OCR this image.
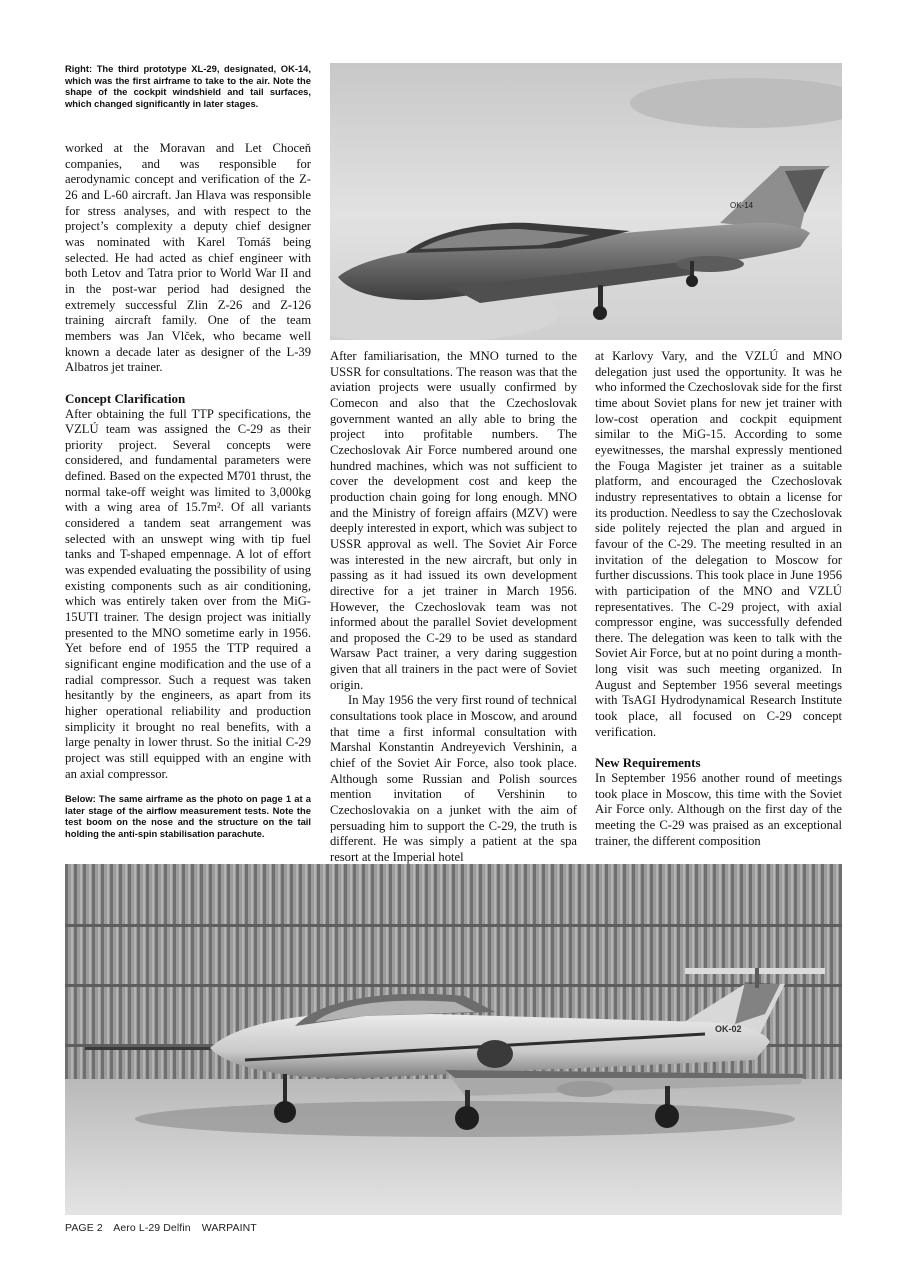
Right: The third prototype XL-29, designated, OK-14, which was the first airframe to take to the air. Note the shape of the cockpit windshield and tail surfaces, which changed significantly in later stages.
OK-14

worked at the Moravan and Let Choceň companies, and was responsible for aerodynamic concept and verification of the Z-26 and L-60 aircraft. Jan Hlava was responsible for stress analyses, and with respect to the project’s complexity a deputy chief designer was nominated with Karel Tomáš being selected. He had acted as chief engineer with both Letov and Tatra prior to World War II and in the post-war period had designed the extremely successful Zlin Z-26 and Z-126 training aircraft family. One of the team members was Jan Vlček, who became well known a decade later as designer of the L-39 Albatros jet trainer.

Concept Clarification

After obtaining the full TTP specifications, the VZLÚ team was assigned the C-29 as their priority project. Several concepts were considered, and fundamental parameters were defined. Based on the expected M701 thrust, the normal take-off weight was limited to 3,000kg with a wing area of 15.7m². Of all variants considered a tandem seat arrangement was selected with an unswept wing with tip fuel tanks and T-shaped empennage. A lot of effort was expended evaluating the possibility of using existing components such as air conditioning, which was entirely taken over from the MiG-15UTI trainer. The design project was initially presented to the MNO sometime early in 1956. Yet before end of 1955 the TTP required a significant engine modification and the use of a radial compressor. Such a request was taken hesitantly by the engineers, as apart from its higher operational reliability and production simplicity it brought no real benefits, with a large penalty in lower thrust. So the initial C-29 project was still equipped with an engine with an axial compressor.

Below: The same airframe as the photo on page 1 at a later stage of the airflow measurement tests. Note the test boom on the nose and the structure on the tail holding the anti-spin stabilisation parachute.

After familiarisation, the MNO turned to the USSR for consultations. The reason was that the aviation projects were usually confirmed by Comecon and also that the Czechoslovak government wanted an ally able to bring the project into profitable numbers. The Czechoslovak Air Force numbered around one hundred machines, which was not sufficient to cover the development cost and keep the production chain going for long enough. MNO and the Ministry of foreign affairs (MZV) were deeply interested in export, which was subject to USSR approval as well. The Soviet Air Force was interested in the new aircraft, but only in passing as it had issued its own development directive for a jet trainer in March 1956. However, the Czechoslovak team was not informed about the parallel Soviet development and proposed the C-29 to be used as standard Warsaw Pact trainer, a very daring suggestion given that all trainers in the pact were of Soviet origin.

In May 1956 the very first round of technical consultations took place in Moscow, and around that time a first informal consultation with Marshal Konstantin Andreyevich Vershinin, a chief of the Soviet Air Force, also took place. Although some Russian and Polish sources mention invitation of Vershinin to Czechoslovakia on a junket with the aim of persuading him to support the C-29, the truth is different. He was simply a patient at the spa resort at the Imperial hotel

at Karlovy Vary, and the VZLÚ and MNO delegation just used the opportunity. It was he who informed the Czechoslovak side for the first time about Soviet plans for new jet trainer with low-cost operation and cockpit equipment similar to the MiG-15. According to some eyewitnesses, the marshal expressly mentioned the Fouga Magister jet trainer as a suitable platform, and encouraged the Czechoslovak industry representatives to obtain a license for its production. Needless to say the Czechoslovak side politely rejected the plan and argued in favour of the C-29. The meeting resulted in an invitation of the delegation to Moscow for further discussions. This took place in June 1956 with participation of the MNO and VZLÚ representatives. The C-29 project, with axial compressor engine, was successfully defended there. The delegation was keen to talk with the Soviet Air Force, but at no point during a month-long visit was such meeting organized. In August and September 1956 several meetings with TsAGI Hydrodynamical Research Institute took place, all focused on C-29 concept verification.

New Requirements

In September 1956 another round of meetings took place in Moscow, this time with the Soviet Air Force only. Although on the first day of the meeting the C-29 was praised as an exceptional trainer, the different composition

OK-02
PAGE 2 Aero L-29 Delfin WARPAINT
